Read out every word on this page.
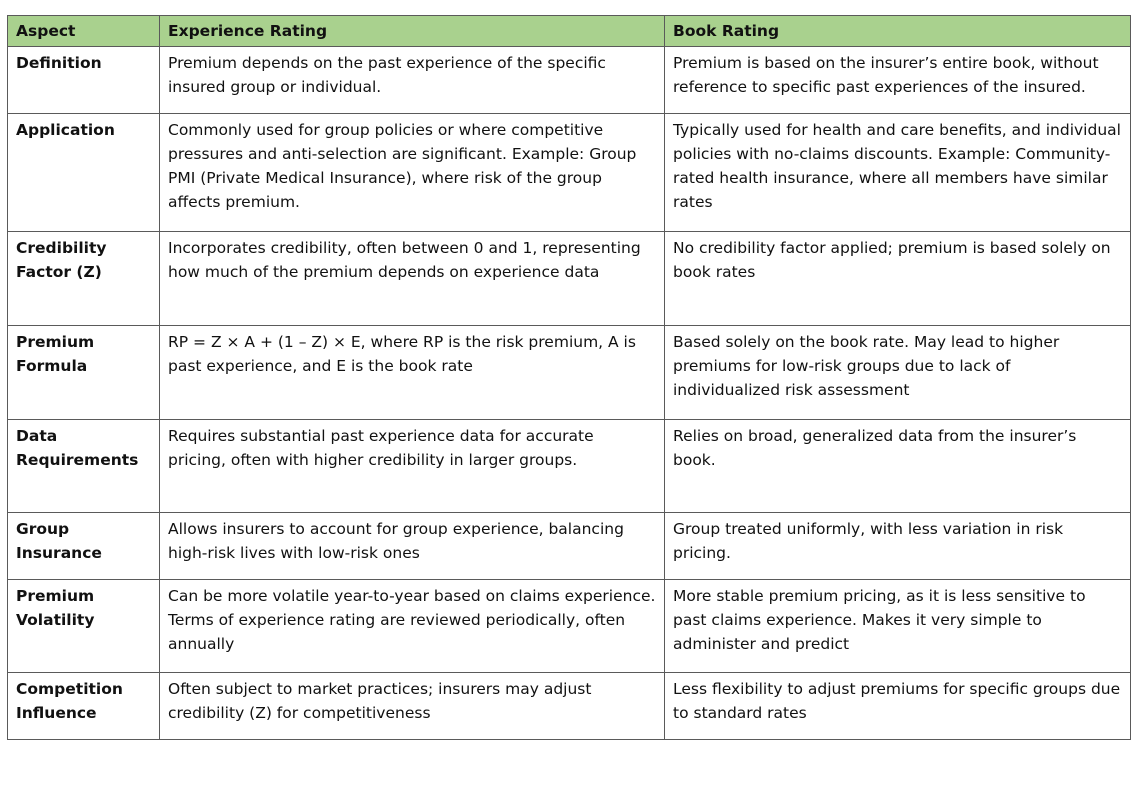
Aspect	Experience Rating	Book Rating
Definition	Premium depends on the past experience of the specific insured group or individual.	Premium is based on the insurer’s entire book, without reference to specific past experiences of the insured.
Application	Commonly used for group policies or where competitive pressures and anti-selection are significant. Example: Group PMI (Private Medical Insurance), where risk of the group affects premium.	Typically used for health and care benefits, and individual policies with no-claims discounts. Example: Community-rated health insurance, where all members have similar rates
Credibility Factor (Z)	Incorporates credibility, often between 0 and 1, representing how much of the premium depends on experience data	No credibility factor applied; premium is based solely on book rates
Premium Formula	RP = Z × A + (1 – Z) × E, where RP is the risk premium, A is past experience, and E is the book rate	Based solely on the book rate. May lead to higher premiums for low-risk groups due to lack of individualized risk assessment
Data Requirements	Requires substantial past experience data for accurate pricing, often with higher credibility in larger groups.	Relies on broad, generalized data from the insurer’s book.
Group Insurance	Allows insurers to account for group experience, balancing high-risk lives with low-risk ones	Group treated uniformly, with less variation in risk pricing.
Premium Volatility	Can be more volatile year-to-year based on claims experience. Terms of experience rating are reviewed periodically, often annually	More stable premium pricing, as it is less sensitive to past claims experience. Makes it very simple to administer and predict
Competition Influence	Often subject to market practices; insurers may adjust credibility (Z) for competitiveness	Less flexibility to adjust premiums for specific groups due to standard rates
